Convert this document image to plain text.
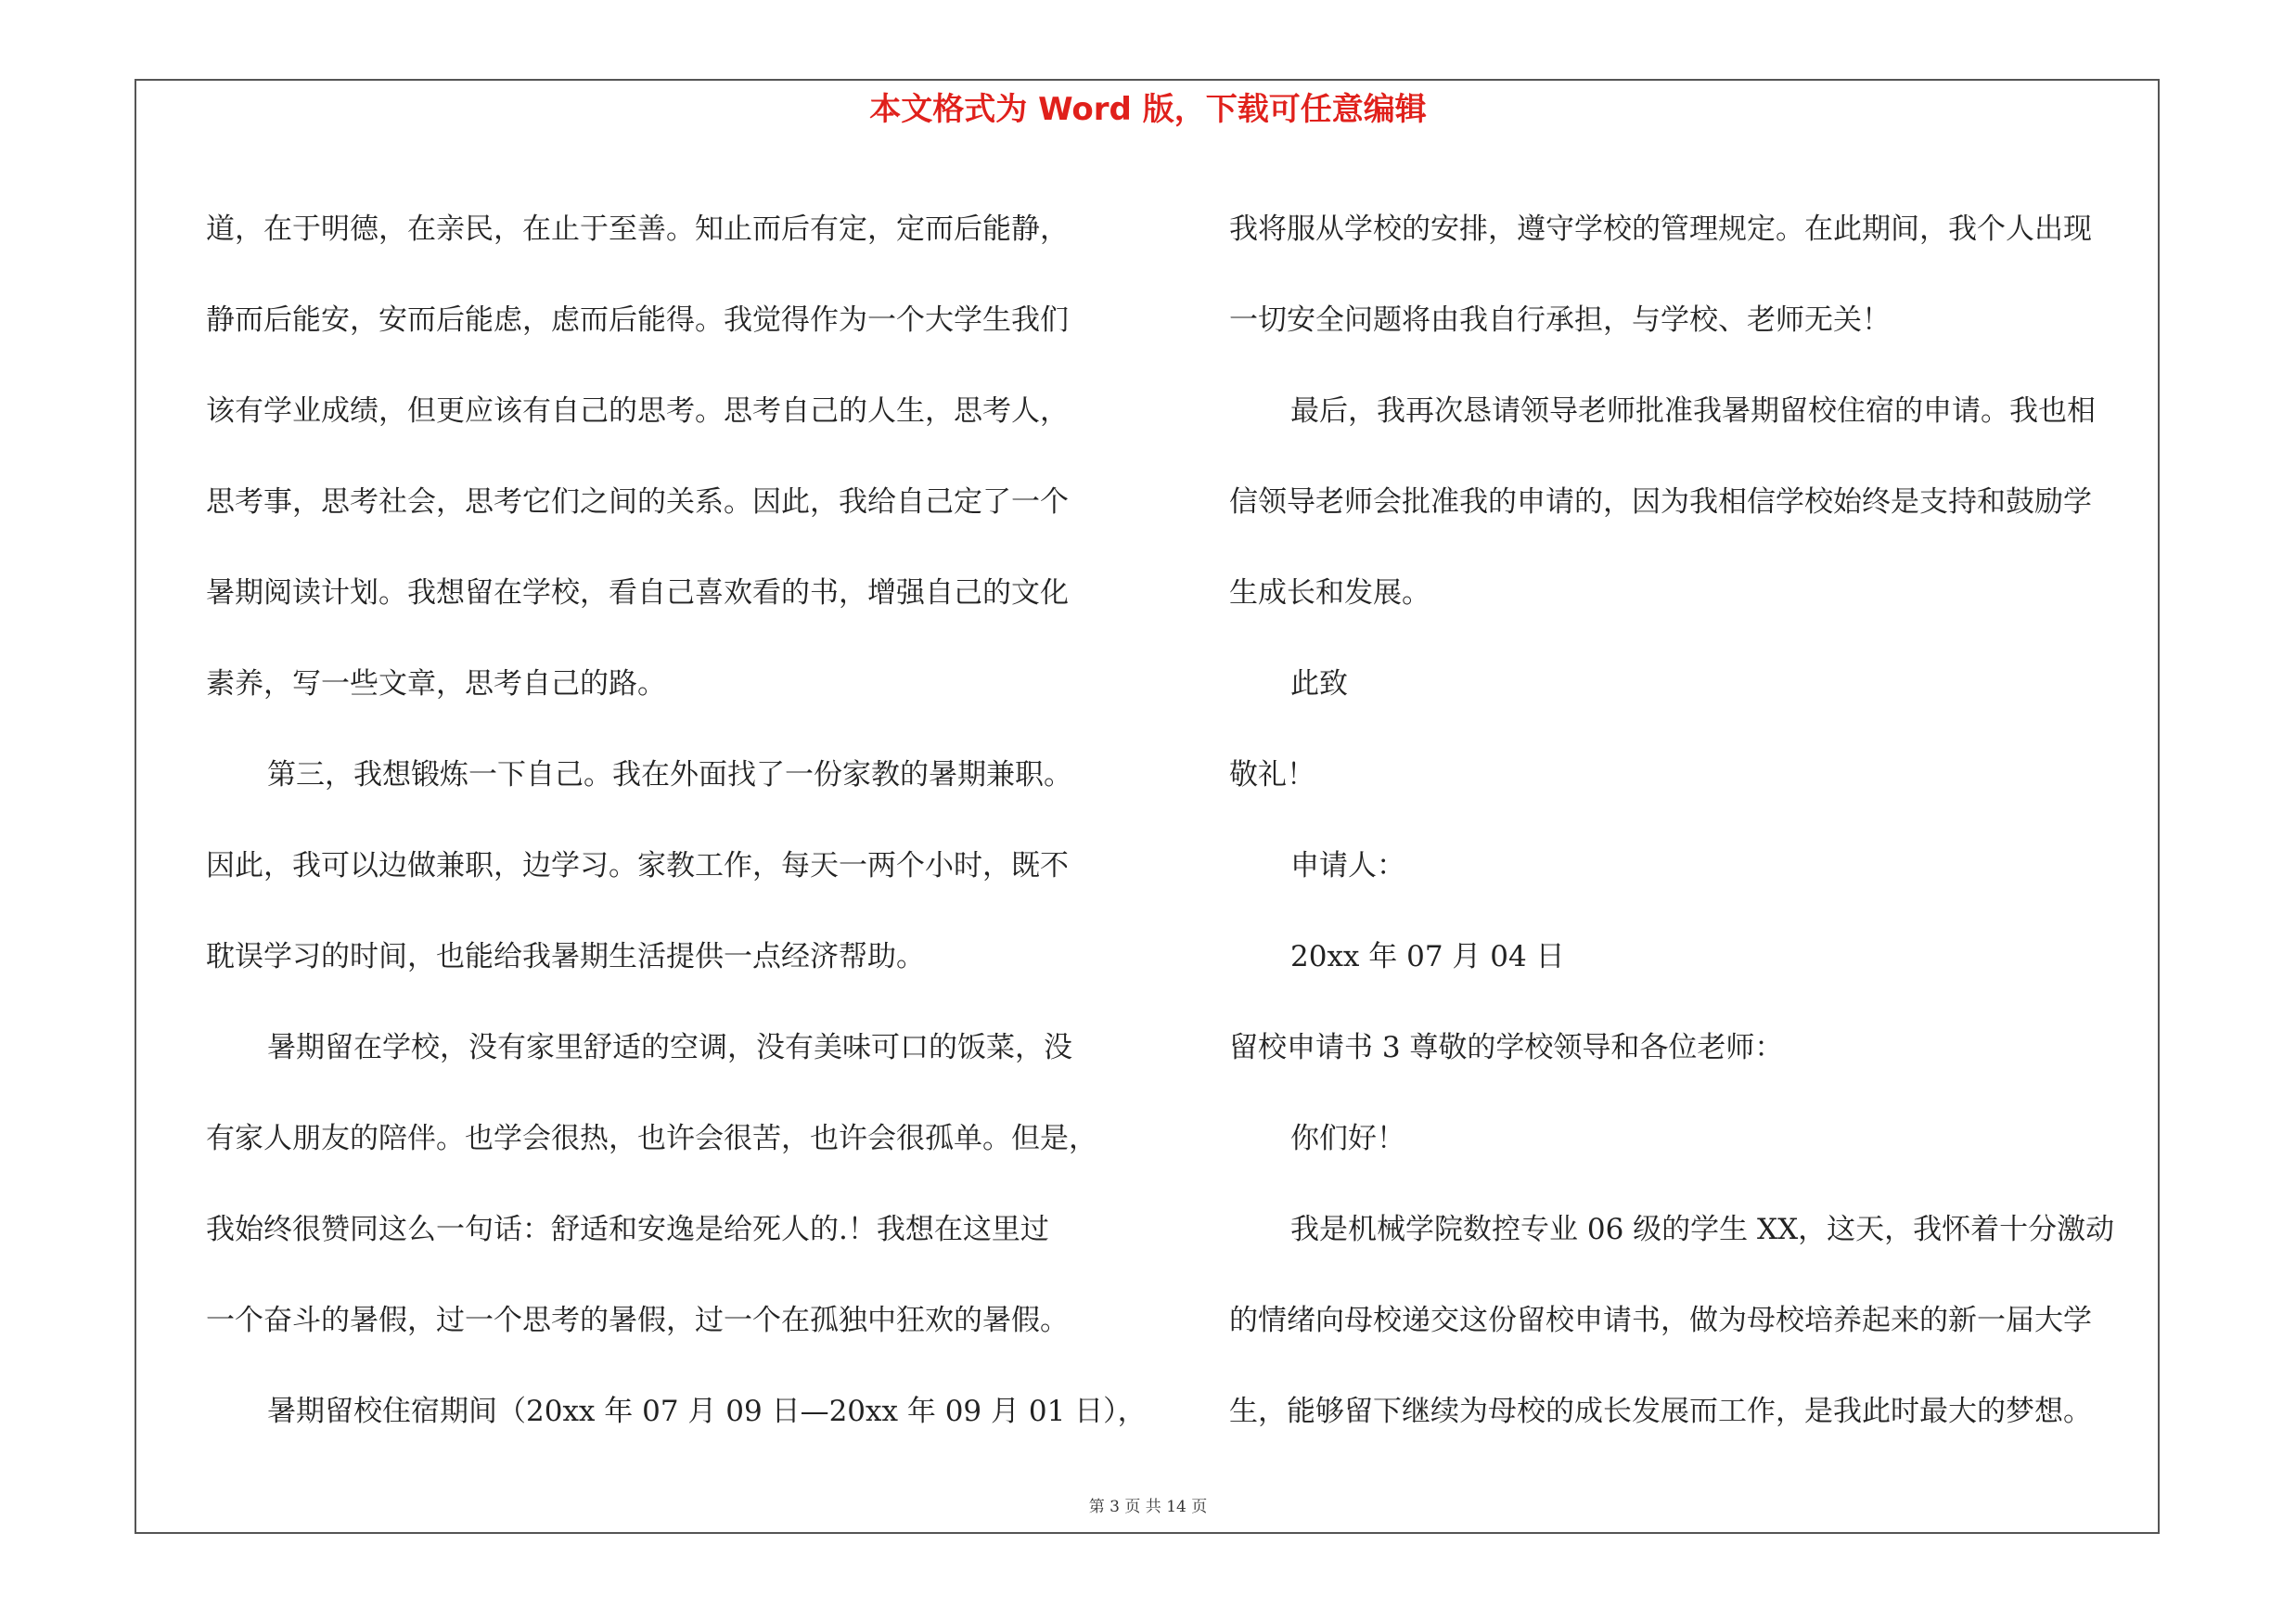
本文格式为 Word 版，下载可任意编辑
道，在于明德，在亲民，在止于至善。知止而后有定，定而后能静，
静而后能安，安而后能虑，虑而后能得。我觉得作为一个大学生我们
该有学业成绩，但更应该有自己的思考。思考自己的人生，思考人，
思考事，思考社会，思考它们之间的关系。因此，我给自己定了一个
暑期阅读计划。我想留在学校，看自己喜欢看的书，增强自己的文化
素养，写一些文章，思考自己的路。
第三，我想锻炼一下自己。我在外面找了一份家教的暑期兼职。
因此，我可以边做兼职，边学习。家教工作，每天一两个小时，既不
耽误学习的时间，也能给我暑期生活提供一点经济帮助。
暑期留在学校，没有家里舒适的空调，没有美味可口的饭菜，没
有家人朋友的陪伴。也学会很热，也许会很苦，也许会很孤单。但是，
我始终很赞同这么一句话：舒适和安逸是给死人的.！我想在这里过
一个奋斗的暑假，过一个思考的暑假，过一个在孤独中狂欢的暑假。
暑期留校住宿期间（20xx 年 07 月 09 日—20xx 年 09 月 01 日），
我将服从学校的安排，遵守学校的管理规定。在此期间，我个人出现
一切安全问题将由我自行承担，与学校、老师无关！
最后，我再次恳请领导老师批准我暑期留校住宿的申请。我也相
信领导老师会批准我的申请的，因为我相信学校始终是支持和鼓励学
生成长和发展。
此致
敬礼！
申请人：
20xx 年 07 月 04 日
留校申请书 3 尊敬的学校领导和各位老师：
你们好！
我是机械学院数控专业 06 级的学生 XX，这天，我怀着十分激动
的情绪向母校递交这份留校申请书，做为母校培养起来的新一届大学
生，能够留下继续为母校的成长发展而工作，是我此时最大的梦想。
第 3 页 共 14 页
